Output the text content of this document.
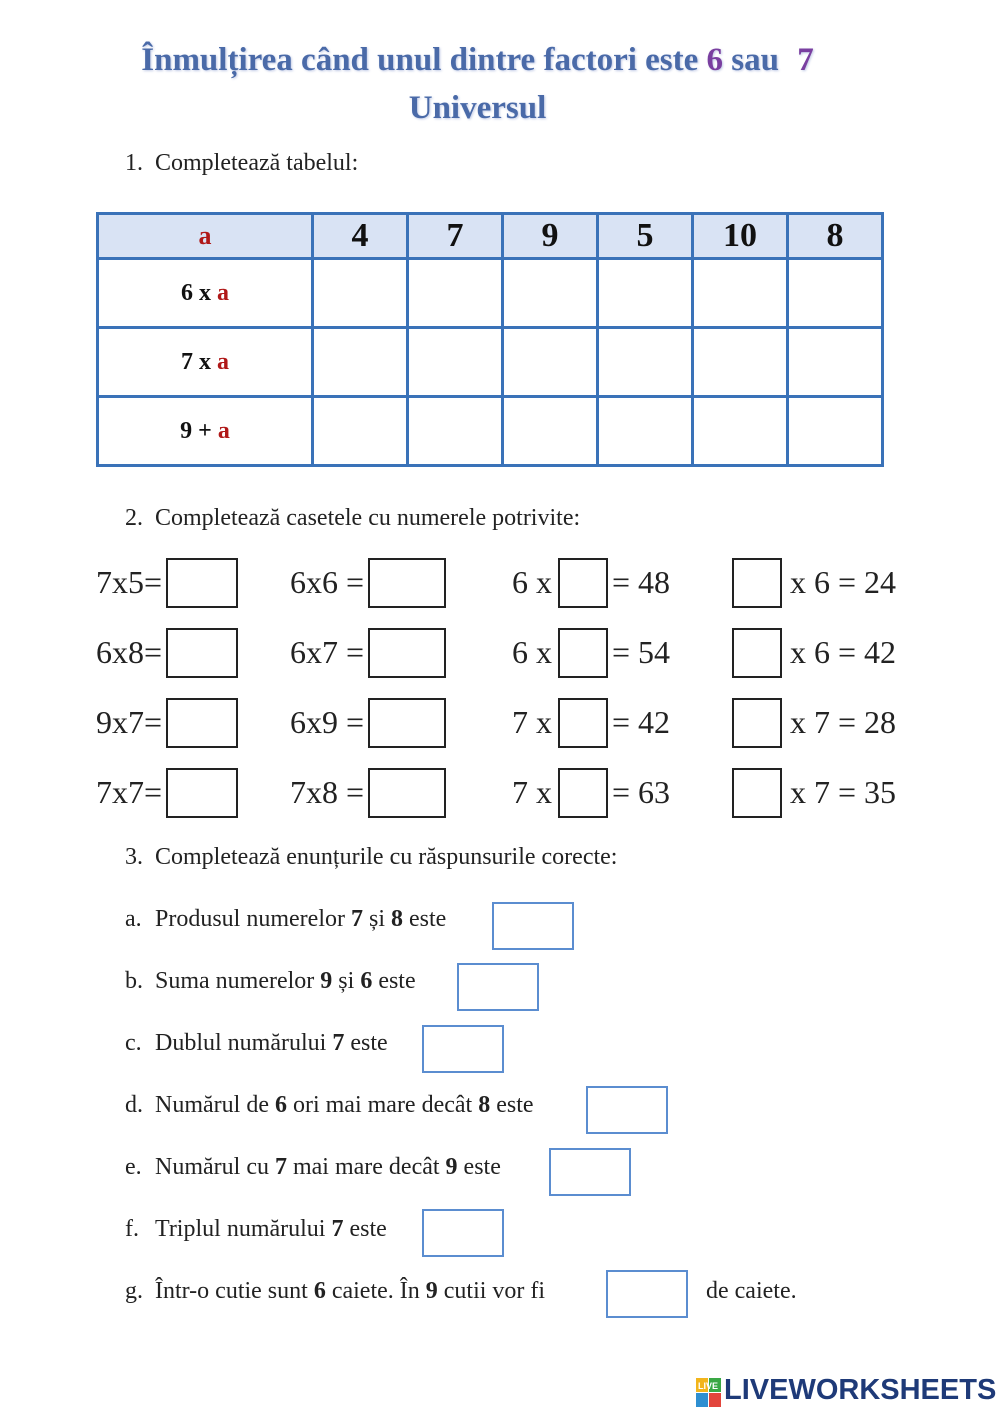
Înmulțirea când unul dintre factori este 6 sau 7
Universul
1. Completează tabelul:
a	4	7	9	5	10	8
6 x a						
7 x a						
9 + a						
2. Completează casetele cu numerele potrivite:
7x5=	6x6 =	6 x = 48	x 6 = 24
6x8=	6x7 =	6 x = 54	x 6 = 42
9x7=	6x9 =	7 x = 42	x 7 = 28
7x7=	7x8 =	7 x = 63	x 7 = 35
3. Completează enunțurile cu răspunsurile corecte:
a. Produsul numerelor 7 și 8 este
b. Suma numerelor 9 și 6 este
c. Dublul numărului 7 este
d. Numărul de 6 ori mai mare decât 8 este
e. Numărul cu 7 mai mare decât 9 este
f. Triplul numărului 7 este
g. Într-o cutie sunt 6 caiete. În 9 cutii vor fi	de caiete.
LIVE LIVEWORKSHEETS
